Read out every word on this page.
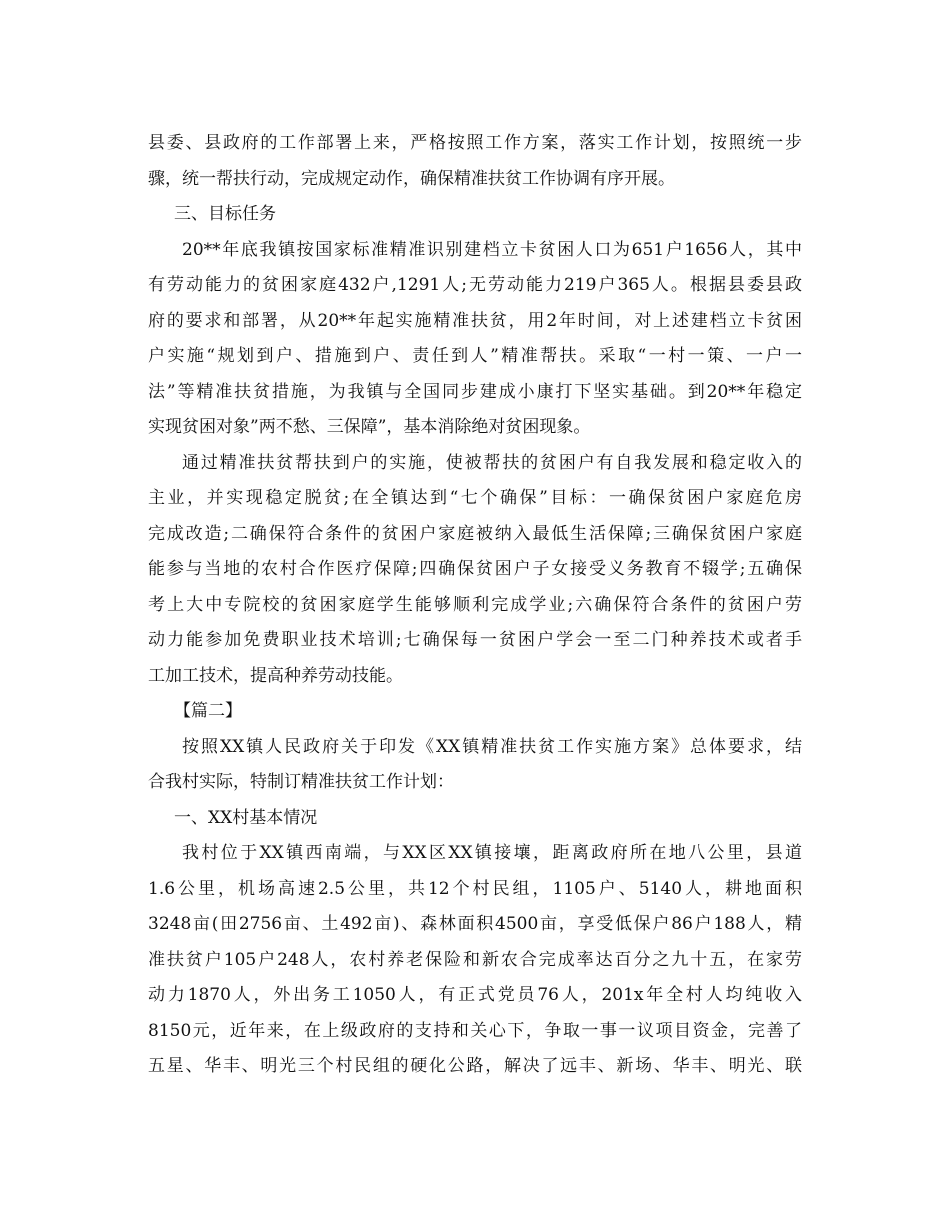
县委、县政府的工作部署上来，严格按照工作方案，落实工作计划，按照统一步
骤，统一帮扶行动，完成规定动作，确保精准扶贫工作协调有序开展。
三、目标任务
20**年底我镇按国家标准精准识别建档立卡贫困人口为651户1656人，其中
有劳动能力的贫困家庭432户,1291人;无劳动能力219户365人。根据县委县政
府的要求和部署，从20**年起实施精准扶贫，用2年时间，对上述建档立卡贫困
户实施“规划到户、措施到户、责任到人”精准帮扶。采取“一村一策、一户一
法”等精准扶贫措施，为我镇与全国同步建成小康打下坚实基础。到20**年稳定
实现贫困对象”两不愁、三保障”，基本消除绝对贫困现象。
通过精准扶贫帮扶到户的实施，使被帮扶的贫困户有自我发展和稳定收入的
主业，并实现稳定脱贫;在全镇达到“七个确保”目标：一确保贫困户家庭危房
完成改造;二确保符合条件的贫困户家庭被纳入最低生活保障;三确保贫困户家庭
能参与当地的农村合作医疗保障;四确保贫困户子女接受义务教育不辍学;五确保
考上大中专院校的贫困家庭学生能够顺利完成学业;六确保符合条件的贫困户劳
动力能参加免费职业技术培训;七确保每一贫困户学会一至二门种养技术或者手
工加工技术，提高种养劳动技能。
【篇二】
按照XX镇人民政府关于印发《XX镇精准扶贫工作实施方案》总体要求，结
合我村实际，特制订精准扶贫工作计划：
一、XX村基本情况
我村位于XX镇西南端，与XX区XX镇接壤，距离政府所在地八公里，县道
1.6公里，机场高速2.5公里，共12个村民组，1105户、5140人，耕地面积
3248亩(田2756亩、土492亩)、森林面积4500亩，享受低保户86户188人，精
准扶贫户105户248人，农村养老保险和新农合完成率达百分之九十五，在家劳
动力1870人，外出务工1050人，有正式党员76人，201x年全村人均纯收入
8150元，近年来，在上级政府的支持和关心下，争取一事一议项目资金，完善了
五星、华丰、明光三个村民组的硬化公路，解决了远丰、新场、华丰、明光、联
